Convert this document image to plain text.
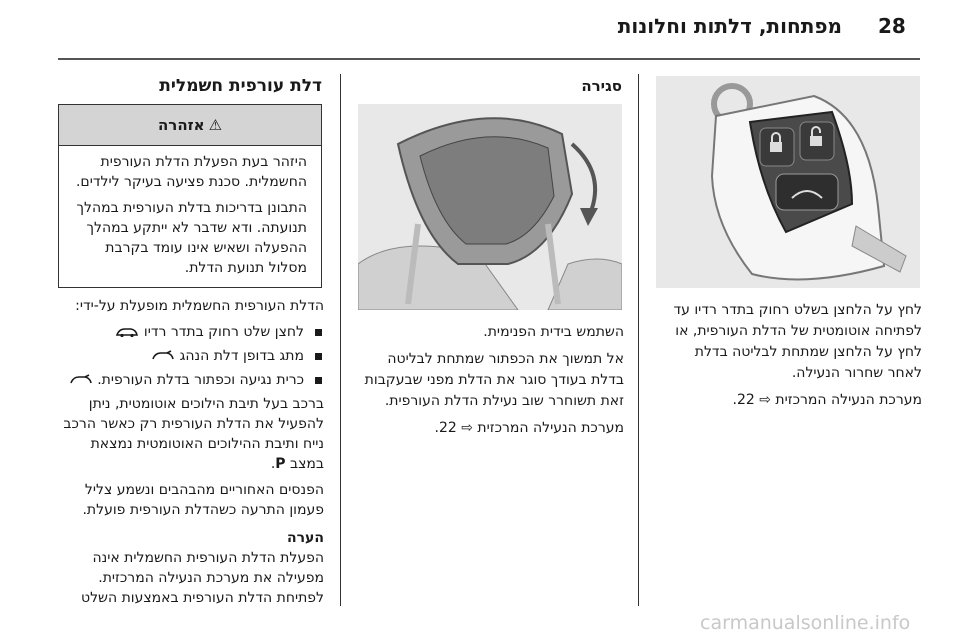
מפתחות, דלתות וחלונות 28

לחץ על הלחצן בשלט רחוק בתדר רדיו עד לפתיחה אוטומטית של הדלת העורפית, או לחץ על הלחצן שמתחת לבליטה בדלת לאחר שחרור הנעילה.

מערכת הנעילה המרכזית ⇨ 22.

סגירה

השתמש בידית הפנימית.

אל תמשוך את הכפתור שמתחת לבליטה בדלת בעודך סוגר את הדלת מפני שבעקבות זאת תשוחרר שוב נעילת הדלת העורפית.

מערכת הנעילה המרכזית ⇨ 22.

דלת עורפית חשמלית
⚠
אזהרה

היזהר בעת הפעלת הדלת העורפית החשמלית. סכנת פציעה בעיקר לילדים.

התבונן בדריכות בדלת העורפית במהלך תנועתה. ודא שדבר לא ייתקע במהלך ההפעלה ושאיש אינו עומד בקרבת מסלול תנועת הדלת.

הדלת העורפית החשמלית מופעלת על-ידי:

לחצן שלט רחוק בתדר רדיו
מתג בדופן דלת הנהג
כרית נגיעה וכפתור בדלת העורפית.

ברכב בעל תיבת הילוכים אוטומטית, ניתן להפעיל את הדלת העורפית רק כאשר הרכב נייח ותיבת ההילוכים האוטומטית נמצאת במצב P.

הפנסים האחוריים מהבהבים ונשמע צליל פעמון התרעה כשהדלת העורפית פועלת.

הערה

הפעלת הדלת העורפית החשמלית אינה מפעילה את מערכת הנעילה המרכזית. לפתיחת הדלת העורפית באמצעות השלט

carmanualsonline.info
